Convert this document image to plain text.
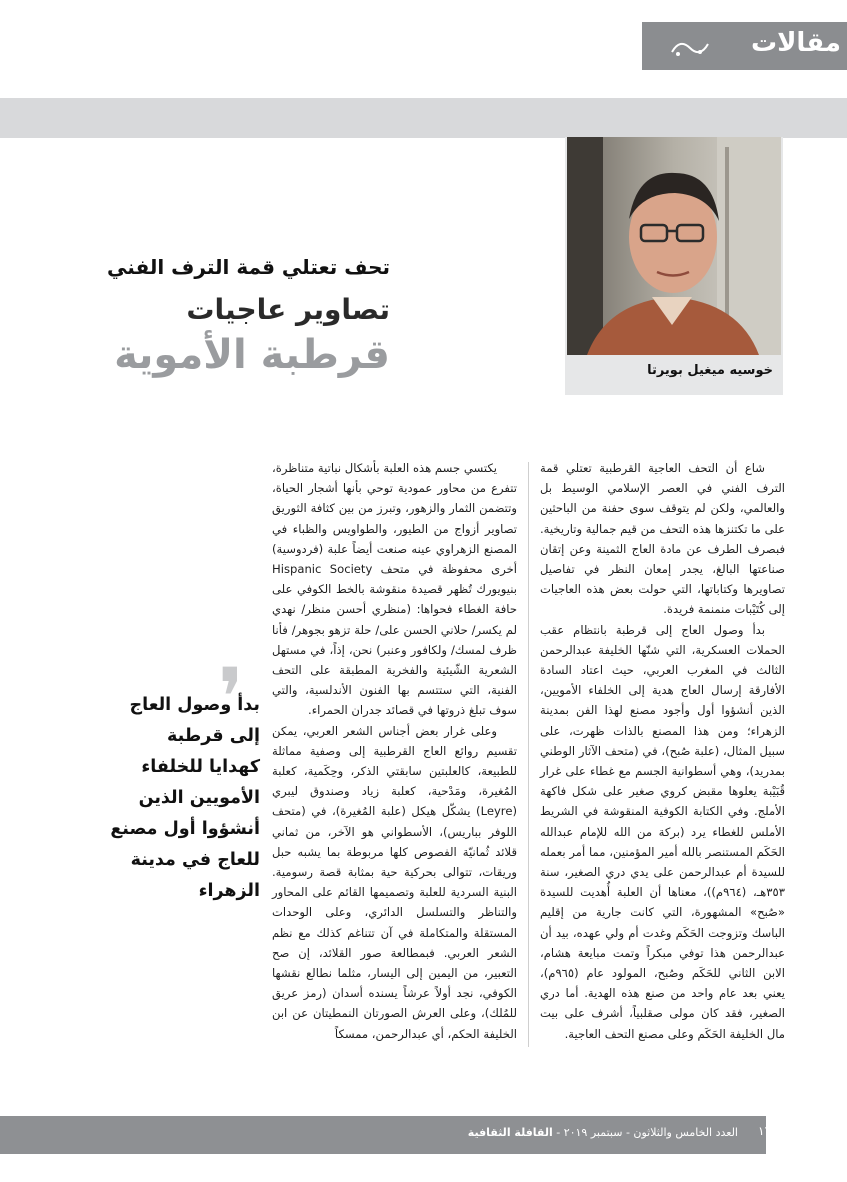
مقالات
خوسيه ميغيل بويرتا
تحف تعتلي قمة الترف الفني
تصاوير عاجيات
قرطبة الأموية

شاع أن التحف العاجية القرطبية تعتلي قمة الترف الفني في العصر الإسلامي الوسيط بل والعالمي، ولكن لم يتوقف سوى حفنة من الباحثين على ما تكتنزها هذه التحف من قيم جمالية وتاريخية. فبصرف الطرف عن مادة العاج الثمينة وعن إتقان صناعتها البالغ، يجدر إمعان النظر في تفاصيل تصاويرها وكتاباتها، التي حولت بعض هذه العاجيات إلى كُتَيْبات منمنمة فريدة.

بدأ وصول العاج إلى قرطبة بانتظام عقب الحملات العسكرية، التي شنّها الخليفة عبدالرحمن الثالث في المغرب العربي، حيث اعتاد السادة الأفارقة إرسال العاج هدية إلى الخلفاء الأمويين، الذين أنشؤوا أول وأجود مصنع لهذا الفن بمدينة الزهراء؛ ومن هذا المصنع بالذات ظهرت، على سبيل المثال، (علبة صُبح)، في (متحف الآثار الوطني بمدريد)، وهي أسطوانية الجسم مع غطاء على غرار قُبَيْبة يعلوها مقبض كروي صغير على شكل فاكهة الأملج. وفي الكتابة الكوفية المنقوشة في الشريط الأملس للغطاء يرد (بركة من الله للإمام عبدالله الحَكَم المستنصر بالله أمير المؤمنين، مما أمر بعمله للسيدة أم عبدالرحمن على يدي دري الصغير، سنة ٣٥٣هـ، (٩٦٤م))، معناها أن العلبة أُهديت للسيدة «صُبح» المشهورة، التي كانت جارية من إقليم الباسك وتزوجت الحَكَم وغدت أم ولي عهده، بيد أن عبدالرحمن هذا توفي مبكراً وتمت مبايعة هشام، الابن الثاني للحَكَم وصُبح، المولود عام (٩٦٥م)، يعني بعد عام واحد من صنع هذه الهدية. أما دري الصغير، فقد كان مولى صقلبياً، أشرف على بيت مال الخليفة الحَكَم وعلى مصنع التحف العاجية.

يكتسي جسم هذه العلبة بأشكال نباتية متناظرة، تتفرع من محاور عمودية توحي بأنها أشجار الحياة، وتتضمن الثمار والزهور، وتبرز من بين كثافة الثوريق تصاوير أزواج من الطيور، والطواويس والظباء في المصنع الزهراوي عينه صنعت أيضاً علبة (فردوسية) أخرى محفوظة في متحف Hispanic Society بنيويورك تُظهر قصيدة منقوشة بالخط الكوفي على حافة الغطاء فحواها: (منظري أحسن منظر/ نهدي لم يكسر/ حلاني الحسن على/ حلة تزهو بجوهر/ فأنا ظرف لمسك/ ولكافور وعنبر) نحن، إذاً، في مستهل الشعرية الشّيئية والفخرية المطبقة على التحف الفنية، التي ستتسم بها الفنون الأندلسية، والتي سوف تبلغ ذروتها في قصائد جدران الحمراء.

وعلى غرار بعض أجناس الشعر العربي، يمكن تقسيم روائع العاج القرطبية إلى وصفية مماثلة للطبيعة، كالعلبتين سابقتي الذكر، وحِكَمية، كعلبة المُغيرة، ومَدْحية، كعلبة زياد وصندوق ليبري (Leyre) يشكّل هيكل (علبة المُغيرة)، في (متحف اللوفر بباريس)، الأسطواني هو الآخر، من ثماني قلائد ثُمانيّة الفصوص كلها مربوطة بما يشبه حبل وريقات، تتوالى بحركية حية بمثابة قصة رسومية. البنية السردية للعلبة وتصميمها القائم على المحاور والتناظر والتسلسل الدائري، وعلى الوحدات المستقلة والمتكاملة في آن تتناغم كذلك مع نظم الشعر العربي. فبمطالعة صور القلائد، إن صح التعبير، من اليمين إلى اليسار، مثلما نطالع نقشها الكوفي، نجد أولاً عرشاً يسنده أسدان (رمز عريق للمُلك)، وعلى العرش الصورتان النمطيتان عن ابن الخليفة الحكم، أي عبدالرحمن، ممسكاً

❜
بدأ وصول العاج إلى قرطبة كهدايا للخلفاء الأمويين الذين أنشؤوا أول مصنع للعاج في مدينة الزهراء
العدد الخامس والثلاثون - سبتمبر ٢٠١٩ - القافلة الثقافية	١٦
